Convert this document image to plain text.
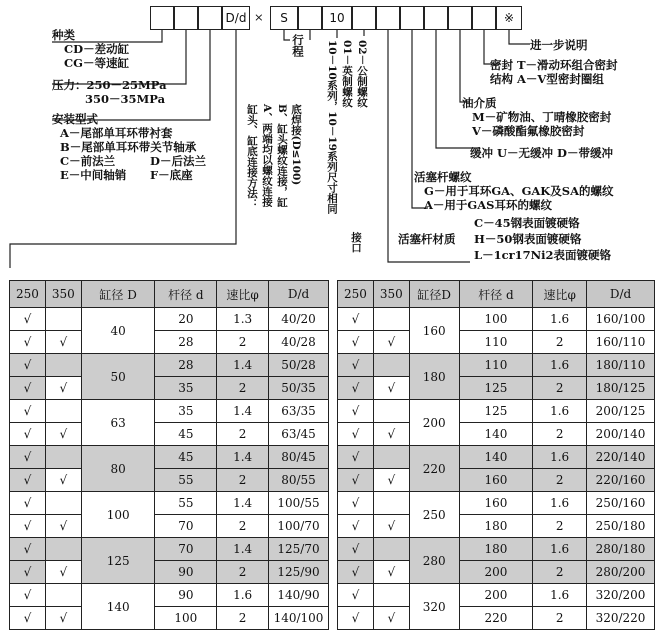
D/d ×	S	10	※
种类
CD－差动缸
CG－等速缸
压力：250－25MPa
350－35MPa
安装型式
A－尾部单耳环带衬套
B－尾部单耳环带关节轴承
C－前法兰	D－后法兰
E－中间轴销 F－底座	缸头、缸底连接方法： A、两端均以螺纹连接 B、缸头螺纹连接，缸 底焊接(D≤100)
行程 10－10系列，10－19系列尺寸相同 01－英制螺纹 02－公制螺纹
接口
进一步说明
密封 T－滑动环组合密封
结构 A－V型密封圈组
油介质
M－矿物油、丁晴橡胶密封
V－磷酸酯氟橡胶密封
缓冲 U－无缓冲 D－带缓冲
活塞杆螺纹
G－用于耳环GA、GAK及SA的螺纹
A－用于GAS耳环的螺纹
C－45钢表面镀硬铬
活塞杆材质 H－50钢表面镀硬铬
L－1cr17Ni2表面镀硬铬
250	350	缸径 D	杆径 d	速比φ	D/d
√		40	20	1.3	40/20
√	√		28	2	40/28
√		50	28	1.4	50/28
√	√		35	2	50/35
√		63	35	1.4	63/35
√	√		45	2	63/45
√		80	45	1.4	80/45
√	√		55	2	80/55
√		100	55	1.4	100/55
√	√		70	2	100/70
√		125	70	1.4	125/70
√	√		90	2	125/90
√		140	90	1.6	140/90
√	√		100	2	140/100
250	350	缸径D	杆径 d	速比φ	D/d
√		160	100	1.6	160/100
√	√		110	2	160/110
√		180	110	1.6	180/110
√	√		125	2	180/125
√		200	125	1.6	200/125
√	√		140	2	200/140
√		220	140	1.6	220/140
√	√		160	2	220/160
√		250	160	1.6	250/160
√	√		180	2	250/180
√		280	180	1.6	280/180
√	√		200	2	280/200
√		320	200	1.6	320/200
√	√		220	2	320/220
